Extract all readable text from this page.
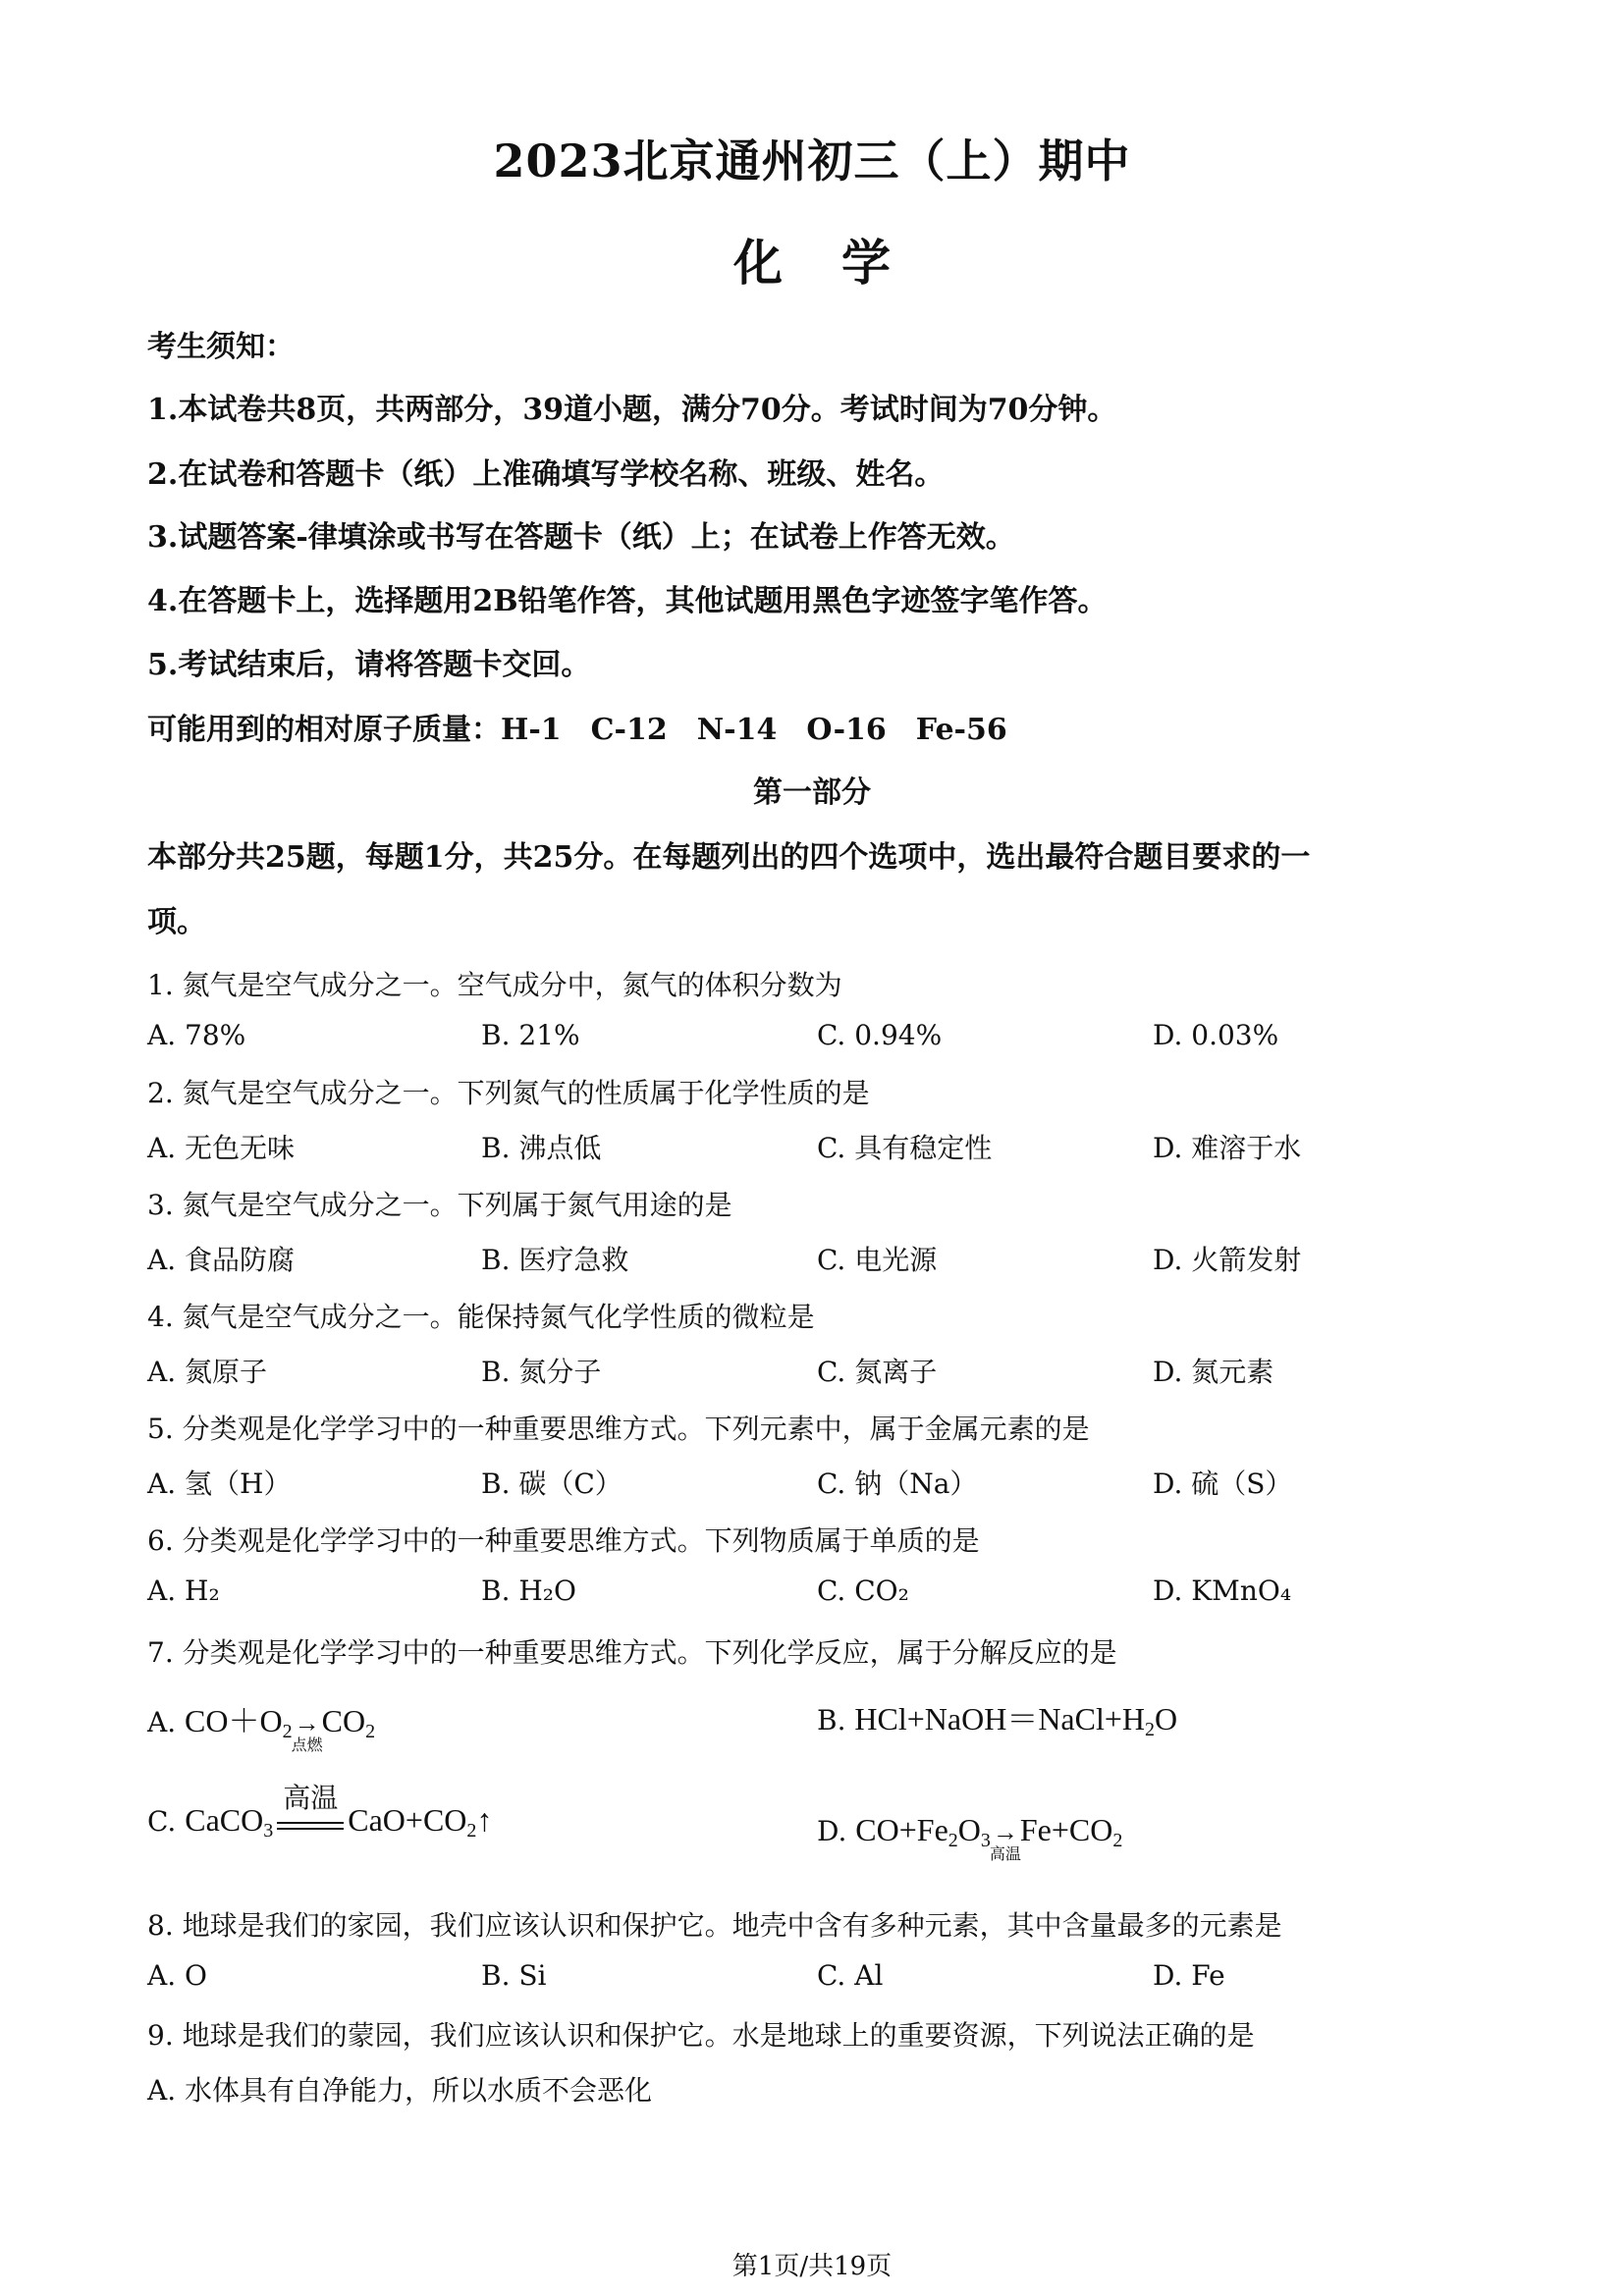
2023北京通州初三（上）期中
化学
考生须知：
1.本试卷共8页，共两部分，39道小题，满分70分。考试时间为70分钟。
2.在试卷和答题卡（纸）上准确填写学校名称、班级、姓名。
3.试题答案-律填涂或书写在答题卡（纸）上；在试卷上作答无效。
4.在答题卡上，选择题用2B铅笔作答，其他试题用黑色字迹签字笔作答。
5.考试结束后，请将答题卡交回。
可能用到的相对原子质量：H-1　C-12　N-14　O-16　Fe-56
第一部分
本部分共25题，每题1分，共25分。在每题列出的四个选项中，选出最符合题目要求的一
项。
1. 氮气是空气成分之一。空气成分中，氮气的体积分数为
A. 78%	B. 21%	C. 0.94%	D. 0.03%
2. 氮气是空气成分之一。下列氮气的性质属于化学性质的是
A. 无色无味	B. 沸点低	C. 具有稳定性	D. 难溶于水
3. 氮气是空气成分之一。下列属于氮气用途的是
A. 食品防腐	B. 医疗急救	C. 电光源	D. 火箭发射
4. 氮气是空气成分之一。能保持氮气化学性质的微粒是
A. 氮原子	B. 氮分子	C. 氮离子	D. 氮元素
5. 分类观是化学学习中的一种重要思维方式。下列元素中，属于金属元素的是
A. 氢（H）	B. 碳（C）	C. 钠（Na）	D. 硫（S）
6. 分类观是化学学习中的一种重要思维方式。下列物质属于单质的是
A. H₂	B. H₂O	C. CO₂	D. KMnO₄
7. 分类观是化学学习中的一种重要思维方式。下列化学反应，属于分解反应的是
A. $CO+O_2\to$
点燃
$CO_2$	B. $HCl+NaOH=NaCl+H_2O$
C. CaCO$_3$
高温
$CaO+CO_2↑$	D. $CO+Fe_2O_3\to$
高温
$Fe+CO_2$
8. 地球是我们的家园，我们应该认识和保护它。地壳中含有多种元素，其中含量最多的元素是
A. O	B. Si	C. Al	D. Fe
9. 地球是我们的蒙园，我们应该认识和保护它。水是地球上的重要资源，下列说法正确的是
A. 水体具有自净能力，所以水质不会恶化
第1页/共19页
